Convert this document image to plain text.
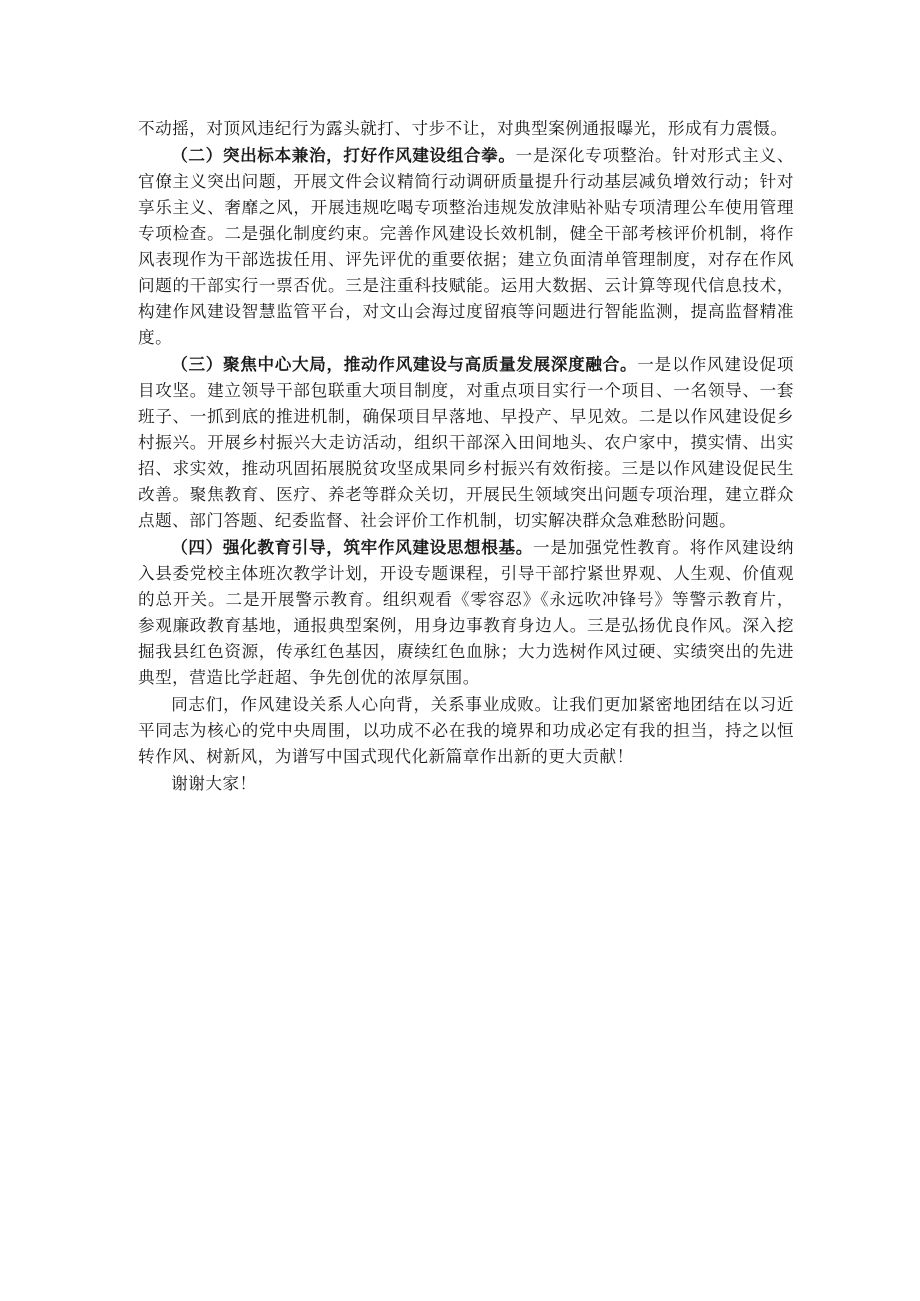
不动摇，对顶风违纪行为露头就打、寸步不让，对典型案例通报曝光，形成有力震慑。

（二）突出标本兼治，打好作风建设组合拳。一是深化专项整治。针对形式主义、官僚主义突出问题，开展文件会议精简行动调研质量提升行动基层减负增效行动；针对享乐主义、奢靡之风，开展违规吃喝专项整治违规发放津贴补贴专项清理公车使用管理专项检查。二是强化制度约束。完善作风建设长效机制，健全干部考核评价机制，将作风表现作为干部选拔任用、评先评优的重要依据；建立负面清单管理制度，对存在作风问题的干部实行一票否优。三是注重科技赋能。运用大数据、云计算等现代信息技术，构建作风建设智慧监管平台，对文山会海过度留痕等问题进行智能监测，提高监督精准度。

（三）聚焦中心大局，推动作风建设与高质量发展深度融合。一是以作风建设促项目攻坚。建立领导干部包联重大项目制度，对重点项目实行一个项目、一名领导、一套班子、一抓到底的推进机制，确保项目早落地、早投产、早见效。二是以作风建设促乡村振兴。开展乡村振兴大走访活动，组织干部深入田间地头、农户家中，摸实情、出实招、求实效，推动巩固拓展脱贫攻坚成果同乡村振兴有效衔接。三是以作风建设促民生改善。聚焦教育、医疗、养老等群众关切，开展民生领域突出问题专项治理，建立群众点题、部门答题、纪委监督、社会评价工作机制，切实解决群众急难愁盼问题。

（四）强化教育引导，筑牢作风建设思想根基。一是加强党性教育。将作风建设纳入县委党校主体班次教学计划，开设专题课程，引导干部拧紧世界观、人生观、价值观的总开关。二是开展警示教育。组织观看《零容忍》《永远吹冲锋号》等警示教育片，参观廉政教育基地，通报典型案例，用身边事教育身边人。三是弘扬优良作风。深入挖掘我县红色资源，传承红色基因，赓续红色血脉；大力选树作风过硬、实绩突出的先进典型，营造比学赶超、争先创优的浓厚氛围。

同志们，作风建设关系人心向背，关系事业成败。让我们更加紧密地团结在以习近平同志为核心的党中央周围，以功成不必在我的境界和功成必定有我的担当，持之以恒转作风、树新风，为谱写中国式现代化新篇章作出新的更大贡献！

谢谢大家！
